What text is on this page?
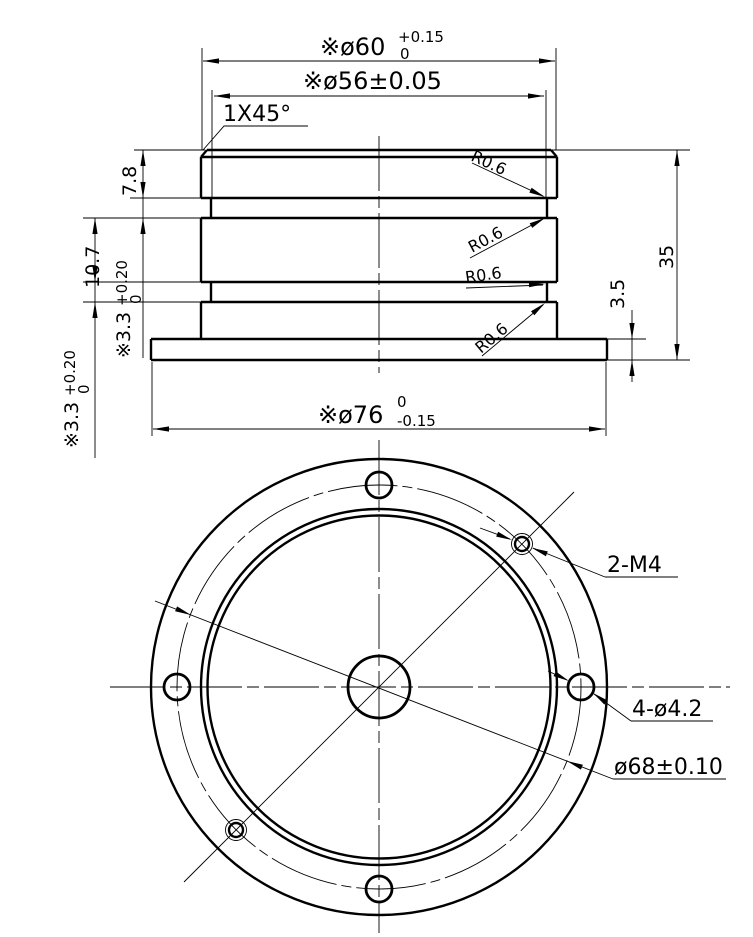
※ø60 +0.15
0
※ø56±0.05
1X45°
※ø76 0
-0.15
7.8
10.7
※3.3
+0.20
0
※3.3
+0.20
0
35
3.5
R0.6
R0.6
R0.6
R0.6
ø68±0.10
2-M4
4-ø4.2
